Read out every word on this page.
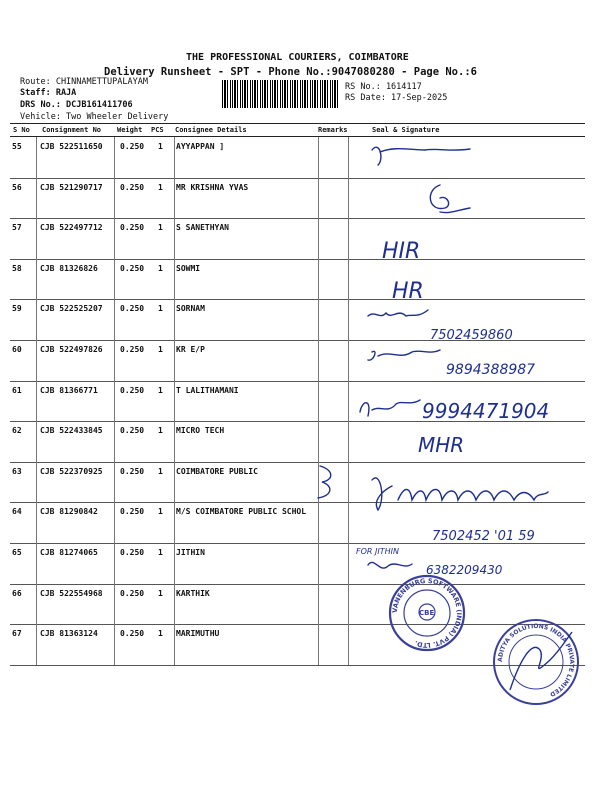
THE PROFESSIONAL COURIERS, COIMBATORE
Delivery Runsheet - SPT - Phone No.:9047080280 - Page No.:6
Route: CHINNAMETTUPALAYAM
Staff: RAJA
DRS No.: DCJB161411706
Vehicle: Two Wheeler Delivery
RS No.: 1614117
RS Date: 17-Sep-2025
S No Consignment No Weight PCS Consignee Details	Remarks	Seal & Signature
55 CJB 522511650 0.250 1 AYYAPPAN ]
56 CJB 521290717 0.250 1 MR KRISHNA YVAS
57 CJB 522497712 0.250 1 S SANETHYAN
58 CJB 81326826	0.250 1 SOWMI
59 CJB 522525207 0.250 1 SORNAM
60 CJB 522497826 0.250 1 KR E/P
61 CJB 81366771	0.250 1 T LALITHAMANI
62 CJB 522433845 0.250 1 MICRO TECH
63 CJB 522370925 0.250 1 COIMBATORE PUBLIC
64 CJB 81290842	0.250 1 M/S COIMBATORE PUBLIC SCHOL
65 CJB 81274065	0.250 1 JITHIN
66 CJB 522554968 0.250 1 KARTHIK
67 CJB 81363124	0.250 1 MARIMUTHU
HIR
HR
7502459860
9894388987
9994471904
MHR
7502452 '01 59
FOR JITHIN
6382209430
VANENBURG SOFTWARE (INDIA) PVT. LTD.
CBE
ADITYA SOLUTIONS INDIA PRIVATE LIMITED
